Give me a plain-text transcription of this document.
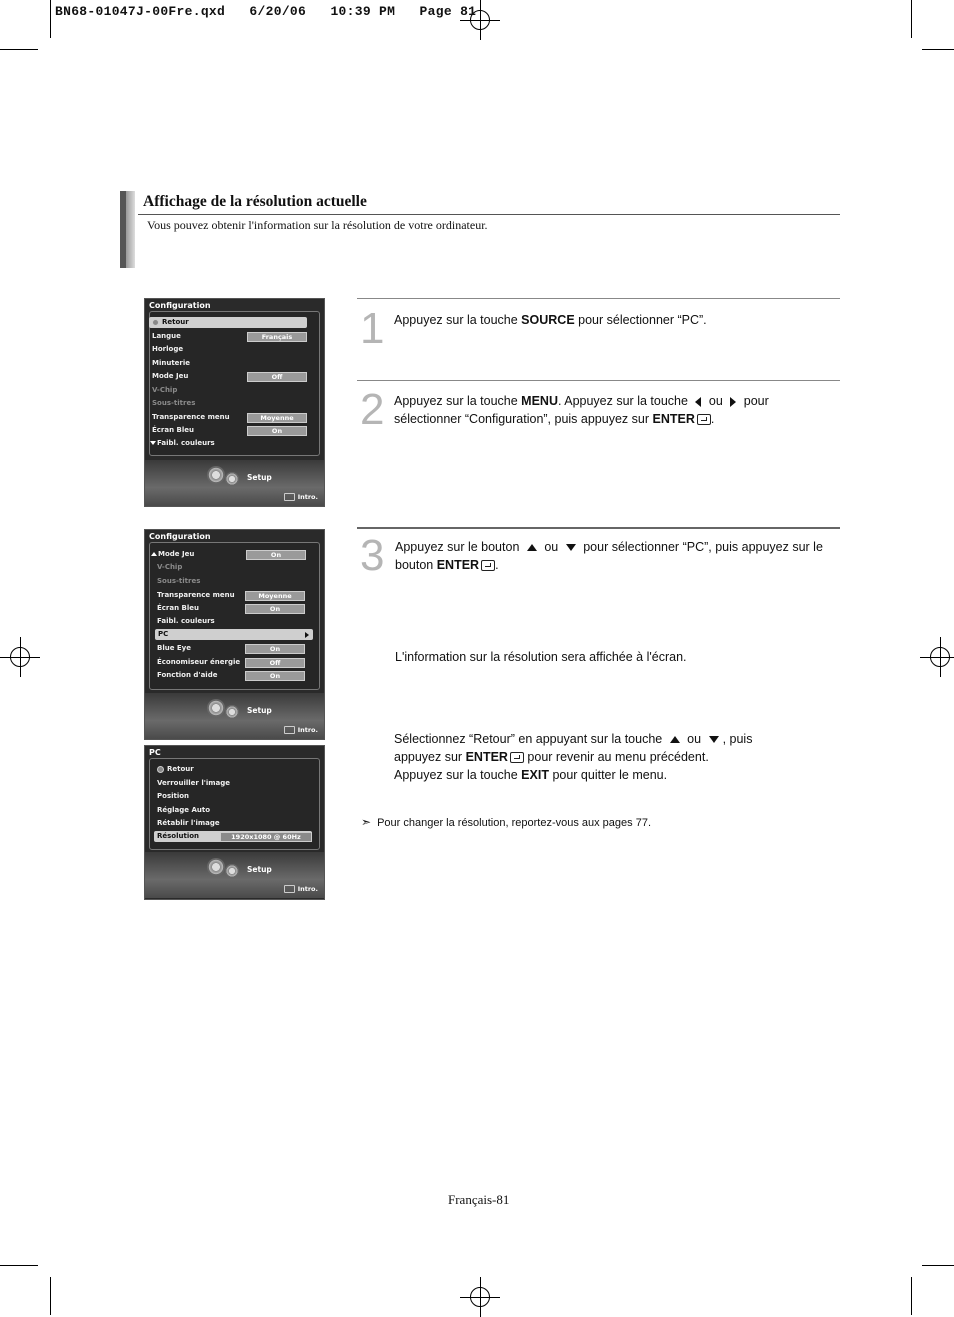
BN68-01047J-00Fre.qxd   6/20/06   10:39 PM   Page 81
Affichage de la résolution actuelle
Vous pouvez obtenir l'information sur la résolution de votre ordinateur.
1 Appuyez sur la touche SOURCE pour sélectionner “PC”.
2 Appuyez sur la touche MENU. Appuyez sur la touche  ou  pour
sélectionner “Configuration”, puis appuyez sur ENTER .
3 Appuyez sur le bouton  ou  pour sélectionner “PC”, puis appuyez sur le
bouton ENTER .
L'information sur la résolution sera affichée à l'écran.
Sélectionnez “Retour” en appuyant sur la touche  ou , puis
appuyez sur ENTER pour revenir au menu précédent.
Appuyez sur la touche EXIT pour quitter le menu.
➣ Pour changer la résolution, reportez-vous aux pages 77.
Français-81
Configuration
Retour
Langue	Français
Horloge
Minuterie
Mode Jeu	Off
V-Chip
Sous-titres
Transparence menu	Moyenne
Écran Bleu	On
Faibl. couleurs
Setup
Intro.
Configuration
Mode Jeu	On
V-Chip
Sous-titres
Transparence menu	Moyenne
Écran Bleu	On
Faibl. couleurs
PC
Blue Eye	On
Économiseur énergie	Off
Fonction d'aide	On
Setup
Intro.
PC
Retour
Verrouiller l'image
Position
Réglage Auto
Rétablir l'image
Résolution	1920x1080 @ 60Hz
Setup
Intro.
